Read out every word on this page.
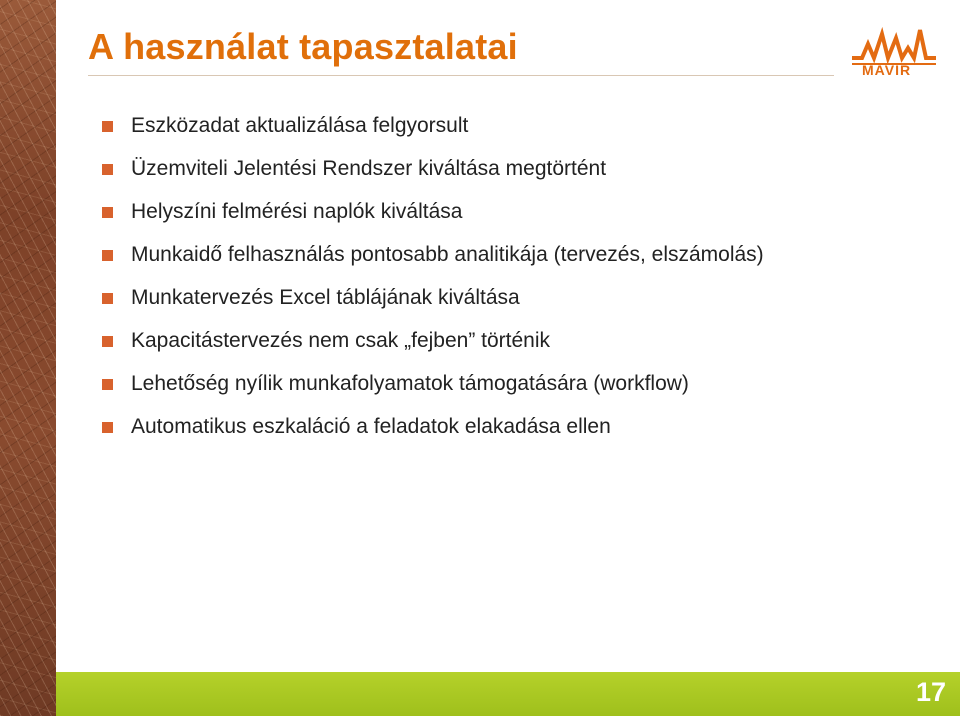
A használat tapasztalatai
MAVIR
Eszközadat aktualizálása felgyorsult
Üzemviteli Jelentési Rendszer kiváltása megtörtént
Helyszíni felmérési naplók kiváltása
Munkaidő felhasználás pontosabb analitikája (tervezés, elszámolás)
Munkatervezés Excel táblájának kiváltása
Kapacitástervezés nem csak „fejben” történik
Lehetőség nyílik munkafolyamatok támogatására (workflow)
Automatikus eszkaláció a feladatok elakadása ellen
17
